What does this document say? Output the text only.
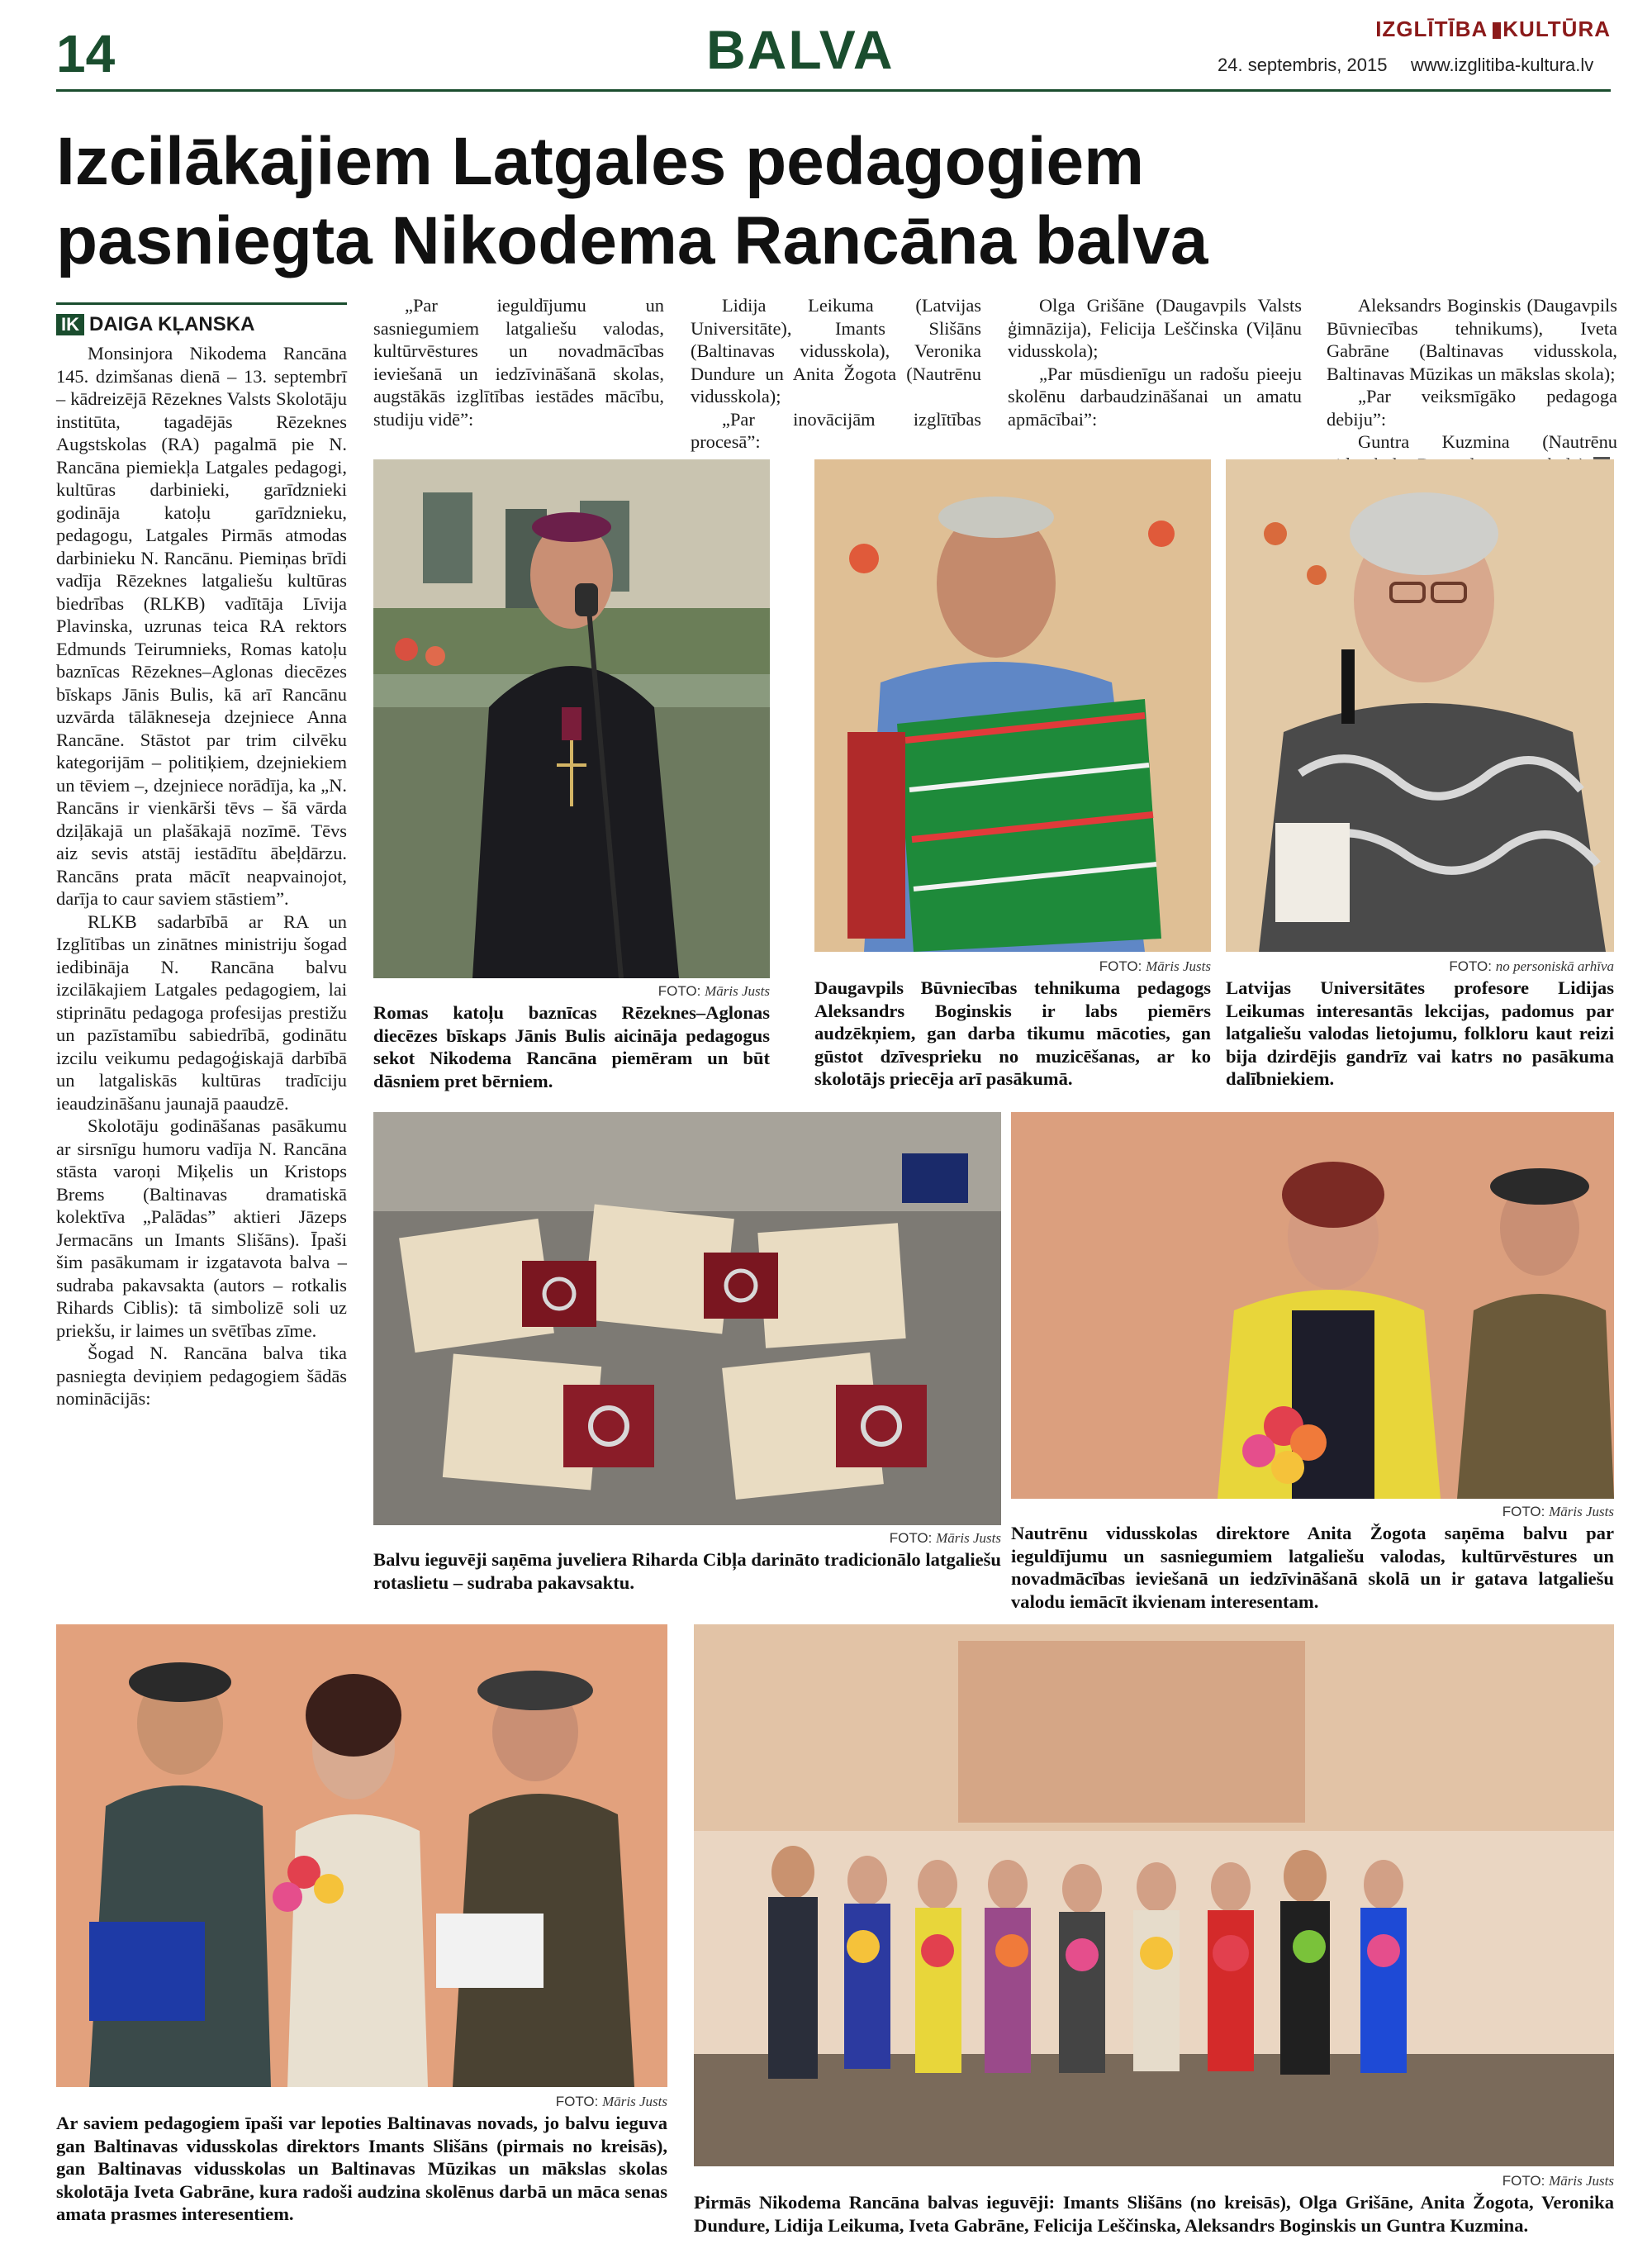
14	BALVA	IZGLĪTĪBA KULTŪRA
24. septembris, 2015 www.izglitiba-kultura.lv
Izcilākajiem Latgales pedagogiem
pasniegta Nikodema Rancāna balva
IK DAIGA KĻANSKA

Monsinjora Nikodema Rancāna 145. dzimšanas dienā – 13. septembrī – kādreizējā Rēzeknes Valsts Skolotāju institūta, tagadējās Rēzeknes Augstskolas (RA) pagalmā pie N. Rancāna piemiekļa Latgales pedagogi, kultūras darbinieki, garīdznieki godināja katoļu garīdznieku, pedagogu, Latgales Pirmās atmodas darbinieku N. Rancānu. Piemiņas brīdi vadīja Rēzeknes latgaliešu kultūras biedrības (RLKB) vadītāja Līvija Plavinska, uzrunas teica RA rektors Edmunds Teirumnieks, Romas katoļu baznīcas Rēzeknes–Aglonas diecēzes bīskaps Jānis Bulis, kā arī Rancānu uzvārda tālākneseja dzejniece Anna Rancāne. Stāstot par trim cilvēku kategorijām – politiķiem, dzejniekiem un tēviem –, dzejniece norādīja, ka „N. Rancāns ir vienkārši tēvs – šā vārda dziļākajā un plašākajā nozīmē. Tēvs aiz sevis atstāj iestādītu ābeļdārzu. Rancāns prata mācīt neapvainojot, darīja to caur saviem stāstiem”.

RLKB sadarbībā ar RA un Izglītības un zinātnes ministriju šogad iedibināja N. Rancāna balvu izcilākajiem Latgales pedagogiem, lai stiprinātu pedagoga profesijas prestižu un pazīstamību sabiedrībā, godinātu izcilu veikumu pedagoģiskajā darbībā un latgaliskās kultūras tradīciju ieaudzināšanu jaunajā paaudzē.

Skolotāju godināšanas pasākumu ar sirsnīgu humoru vadīja N. Rancāna stāsta varoņi Miķelis un Kristops Brems (Baltinavas dramatiskā kolektīva „Palādas” aktieri Jāzeps Jermacāns un Imants Slišāns). Īpaši šim pasākumam ir izgatavota balva – sudraba pakavsakta (autors – rotkalis Rihards Ciblis): tā simbolizē soli uz priekšu, ir laimes un svētības zīme.

Šogad N. Rancāna balva tika pasniegta deviņiem pedagogiem šādās nominācijās:

„Par ieguldījumu un sasniegumiem latgaliešu valodas, kultūrvēstures un novadmācības ieviešanā un iedzīvināšanā skolas, augstākās izglītības iestādes mācību, studiju vidē”:

Lidija Leikuma (Latvijas Universitāte), Imants Slišāns (Baltinavas vidusskola), Veronika Dundure un Anita Žogota (Nautrēnu vidusskola);

„Par inovācijām izglītības procesā”:

Olga Grišāne (Daugavpils Valsts ģimnāzija), Felicija Leščinska (Viļānu vidusskola);

„Par mūsdienīgu un radošu pieeju skolēnu darbaudzināšanai un amatu apmācībai”:

Aleksandrs Boginskis (Daugavpils Būvniecības tehnikums), Iveta Gabrāne (Baltinavas vidusskola, Baltinavas Mūzikas un mākslas skola);

„Par veiksmīgāko pedagoga debiju”:

Guntra Kuzmina (Nautrēnu

FOTO: Māris Justs
Romas katoļu baznīcas Rēzeknes–Aglonas diecēzes bīskaps Jānis Bulis aicināja pedagogus sekot Nikodema Rancāna piemēram un būt dāsniem pret bērniem.
FOTO: Māris Justs
Daugavpils Būvniecības tehnikuma pedagogs Aleksandrs Boginskis ir labs piemērs audzēkņiem, gan darba tikumu mācoties, gan gūstot dzīvesprieku no muzicēšanas, ar ko skolotājs priecēja arī pasākumā.
FOTO: no personiskā arhīva
Latvijas Universitātes profesore Lidijas Leikumas interesantās lekcijas, padomus par latgaliešu valodas lietojumu, folkloru kaut reizi bija dzirdējis gandrīz vai katrs no pasākuma dalībniekiem.
FOTO: Māris Justs
Balvu ieguvēji saņēma juveliera Riharda Cibļa darināto tradicionālo latgaliešu rotaslietu – sudraba pakavsaktu.
FOTO: Māris Justs
Nautrēnu vidusskolas direktore Anita Žogota saņēma balvu par ieguldījumu un sasniegumiem latgaliešu valodas, kultūrvēstures un novadmācības ieviešanā un iedzīvināšanā skolā un ir gatava latgaliešu valodu iemācīt ikvienam interesentam.
FOTO: Māris Justs
Ar saviem pedagogiem īpaši var lepoties Baltinavas novads, jo balvu ieguva gan Baltinavas vidusskolas direktors Imants Slišāns (pirmais no kreisās), gan Baltinavas vidusskolas un Baltinavas Mūzikas un mākslas skolas skolotāja Iveta Gabrāne, kura radoši audzina skolēnus darbā un māca senas amata prasmes interesentiem.
FOTO: Māris Justs
Pirmās Nikodema Rancāna balvas ieguvēji: Imants Slišāns (no kreisās), Olga Grišāne, Anita Žogota, Veronika Dundure, Lidija Leikuma, Iveta Gabrāne, Felicija Leščinska, Aleksandrs Boginskis un Guntra Kuzmina.
